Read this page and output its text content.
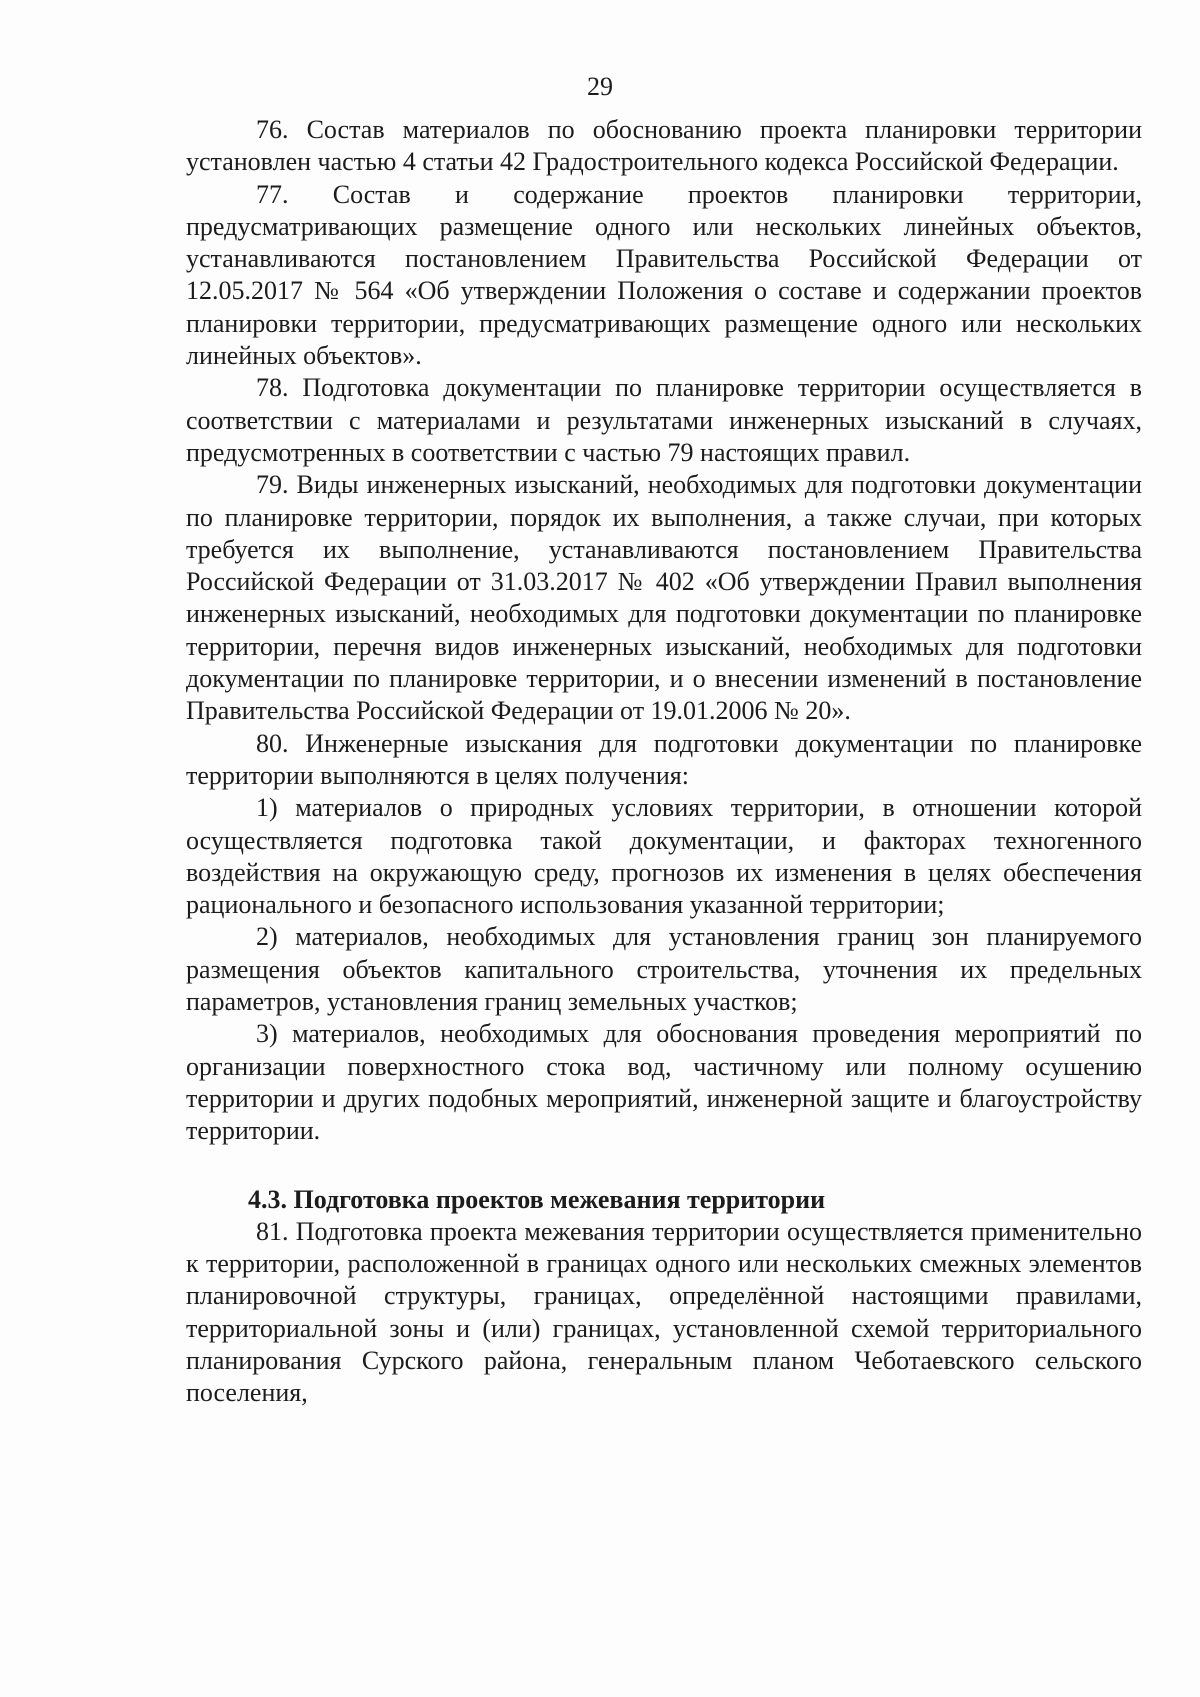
29

76. Состав материалов по обоснованию проекта планировки территории установлен частью 4 статьи 42 Градостроительного кодекса Российской Федерации.

77. Состав и содержание проектов планировки территории, предусматривающих размещение одного или нескольких линейных объектов, устанавливаются постановлением Правительства Российской Федерации от 12.05.2017 № 564 «Об утверждении Положения о составе и содержании проектов планировки территории, предусматривающих размещение одного или нескольких линейных объектов».

78. Подготовка документации по планировке территории осуществляется в соответствии с материалами и результатами инженерных изысканий в случаях, предусмотренных в соответствии с частью 79 настоящих правил.

79. Виды инженерных изысканий, необходимых для подготовки документации по планировке территории, порядок их выполнения, а также случаи, при которых требуется их выполнение, устанавливаются постановлением Правительства Российской Федерации от 31.03.2017 № 402 «Об утверждении Правил выполнения инженерных изысканий, необходимых для подготовки документации по планировке территории, перечня видов инженерных изысканий, необходимых для подготовки документации по планировке территории, и о внесении изменений в постановление Правительства Российской Федерации от 19.01.2006 № 20».

80. Инженерные изыскания для подготовки документации по планировке территории выполняются в целях получения:

1) материалов о природных условиях территории, в отношении которой осуществляется подготовка такой документации, и факторах техногенного воздействия на окружающую среду, прогнозов их изменения в целях обеспечения рационального и безопасного использования указанной территории;

2) материалов, необходимых для установления границ зон планируемого размещения объектов капитального строительства, уточнения их предельных параметров, установления границ земельных участков;

3) материалов, необходимых для обоснования проведения мероприятий по организации поверхностного стока вод, частичному или полному осушению территории и других подобных мероприятий, инженерной защите и благоустройству территории.

4.3. Подготовка проектов межевания территории

81. Подготовка проекта межевания территории осуществляется применительно к территории, расположенной в границах одного или нескольких смежных элементов планировочной структуры, границах, определённой настоящими правилами, территориальной зоны и (или) границах, установленной схемой территориального планирования Сурского района, генеральным планом Чеботаевского сельского поселения,
